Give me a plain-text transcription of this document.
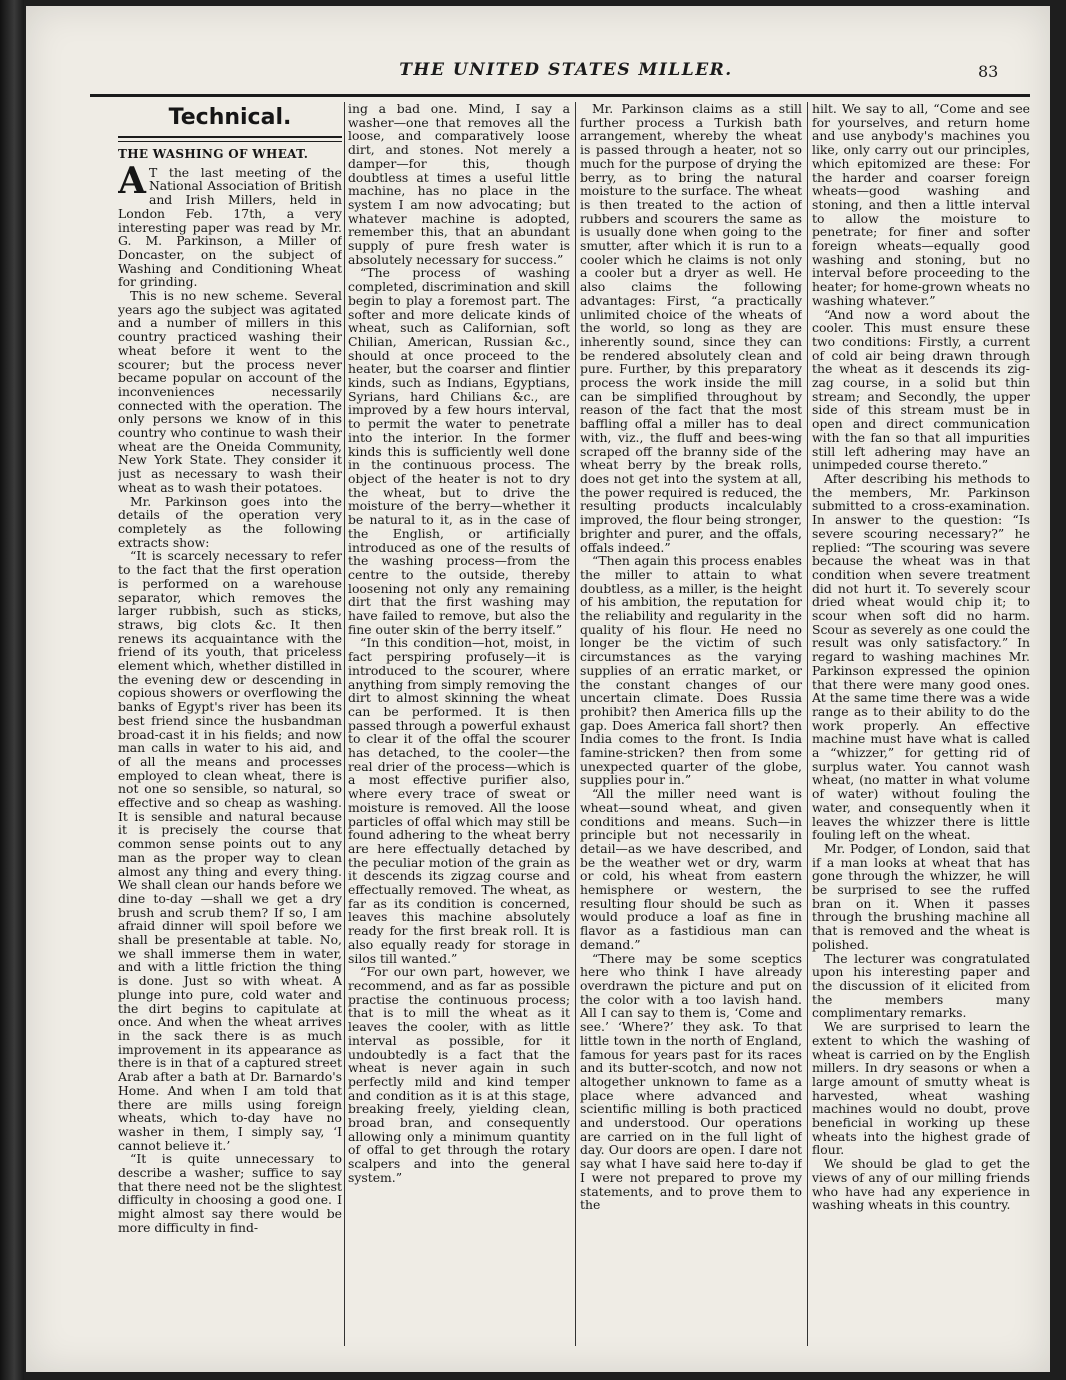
THE UNITED STATES MILLER.	83
Technical.
THE WASHING OF WHEAT.

A T the last meeting of the National Association of British and Irish Millers, held in London Feb. 17th, a very interesting paper was read by Mr. G. M. Parkinson, a Miller of Doncaster, on the subject of Washing and Conditioning Wheat for grinding.

This is no new scheme. Several years ago the subject was agitated and a number of millers in this country practiced washing their wheat before it went to the scourer; but the process never became popular on account of the inconveniences necessarily connected with the operation. The only persons we know of in this country who continue to wash their wheat are the Oneida Community, New York State. They consider it just as necessary to wash their wheat as to wash their potatoes.

Mr. Parkinson goes into the details of the operation very completely as the following extracts show:

“It is scarcely necessary to refer to the fact that the first operation is performed on a warehouse separator, which removes the larger rubbish, such as sticks, straws, big clots &c. It then renews its acquaintance with the friend of its youth, that priceless element which, whether distilled in the evening dew or descending in copious showers or overflowing the banks of Egypt's river has been its best friend since the husbandman broad-cast it in his fields; and now man calls in water to his aid, and of all the means and processes employed to clean wheat, there is not one so sensible, so natural, so effective and so cheap as washing. It is sensible and natural because it is precisely the course that common sense points out to any man as the proper way to clean almost any thing and every thing. We shall clean our hands before we dine to-day —shall we get a dry brush and scrub them? If so, I am afraid dinner will spoil before we shall be presentable at table. No, we shall immerse them in water, and with a little friction the thing is done. Just so with wheat. A plunge into pure, cold water and the dirt begins to capitulate at once. And when the wheat arrives in the sack there is as much improvement in its appearance as there is in that of a captured street Arab after a bath at Dr. Barnardo's Home. And when I am told that there are mills using foreign wheats, which to-day have no washer in them, I simply say, ‘I cannot believe it.’

“It is quite unnecessary to describe a washer; suffice to say that there need not be the slightest difficulty in choosing a good one. I might almost say there would be more difficulty in find-

ing a bad one. Mind, I say a washer—one that removes all the loose, and comparatively loose dirt, and stones. Not merely a damper—for this, though doubtless at times a useful little machine, has no place in the system I am now advocating; but whatever machine is adopted, remember this, that an abundant supply of pure fresh water is absolutely necessary for success.”

“The process of washing completed, discrimination and skill begin to play a foremost part. The softer and more delicate kinds of wheat, such as Californian, soft Chilian, American, Russian &c., should at once proceed to the heater, but the coarser and flintier kinds, such as Indians, Egyptians, Syrians, hard Chilians &c., are improved by a few hours interval, to permit the water to penetrate into the interior. In the former kinds this is sufficiently well done in the continuous process. The object of the heater is not to dry the wheat, but to drive the moisture of the berry—whether it be natural to it, as in the case of the English, or artificially introduced as one of the results of the washing process—from the centre to the outside, thereby loosening not only any remaining dirt that the first washing may have failed to remove, but also the fine outer skin of the berry itself.”

“In this condition—hot, moist, in fact perspiring profusely—it is introduced to the scourer, where anything from simply removing the dirt to almost skinning the wheat can be performed. It is then passed through a powerful exhaust to clear it of the offal the scourer has detached, to the cooler—the real drier of the process—which is a most effective purifier also, where every trace of sweat or moisture is removed. All the loose particles of offal which may still be found adhering to the wheat berry are here effectually detached by the peculiar motion of the grain as it descends its zigzag course and effectually removed. The wheat, as far as its condition is concerned, leaves this machine absolutely ready for the first break roll. It is also equally ready for storage in silos till wanted.”

“For our own part, however, we recommend, and as far as possible practise the continuous process; that is to mill the wheat as it leaves the cooler, with as little interval as possible, for it undoubtedly is a fact that the wheat is never again in such perfectly mild and kind temper and condition as it is at this stage, breaking freely, yielding clean, broad bran, and consequently allowing only a minimum quantity of offal to get through the rotary scalpers and into the general system.”

Mr. Parkinson claims as a still further process a Turkish bath arrangement, whereby the wheat is passed through a heater, not so much for the purpose of drying the berry, as to bring the natural moisture to the surface. The wheat is then treated to the action of rubbers and scourers the same as is usually done when going to the smutter, after which it is run to a cooler which he claims is not only a cooler but a dryer as well. He also claims the following advantages: First, “a practically unlimited choice of the wheats of the world, so long as they are inherently sound, since they can be rendered absolutely clean and pure. Further, by this preparatory process the work inside the mill can be simplified throughout by reason of the fact that the most baffling offal a miller has to deal with, viz., the fluff and bees-wing scraped off the branny side of the wheat berry by the break rolls, does not get into the system at all, the power required is reduced, the resulting products incalculably improved, the flour being stronger, brighter and purer, and the offals, offals indeed.”

“Then again this process enables the miller to attain to what doubtless, as a miller, is the height of his ambition, the reputation for the reliability and regularity in the quality of his flour. He need no longer be the victim of such circumstances as the varying supplies of an erratic market, or the constant changes of our uncertain climate. Does Russia prohibit? then America fills up the gap. Does America fall short? then India comes to the front. Is India famine-stricken? then from some unexpected quarter of the globe, supplies pour in.”

“All the miller need want is wheat—sound wheat, and given conditions and means. Such—in principle but not necessarily in detail—as we have described, and be the weather wet or dry, warm or cold, his wheat from eastern hemisphere or western, the resulting flour should be such as would produce a loaf as fine in flavor as a fastidious man can demand.”

“There may be some sceptics here who think I have already overdrawn the picture and put on the color with a too lavish hand. All I can say to them is, ‘Come and see.’ ‘Where?’ they ask. To that little town in the north of England, famous for years past for its races and its butter-scotch, and now not altogether unknown to fame as a place where advanced and scientific milling is both practiced and understood. Our operations are carried on in the full light of day. Our doors are open. I dare not say what I have said here to-day if I were not prepared to prove my statements, and to prove them to the

hilt. We say to all, “Come and see for yourselves, and return home and use anybody's machines you like, only carry out our principles, which epitomized are these: For the harder and coarser foreign wheats—good washing and stoning, and then a little interval to allow the moisture to penetrate; for finer and softer foreign wheats—equally good washing and stoning, but no interval before proceeding to the heater; for home-grown wheats no washing whatever.”

“And now a word about the cooler. This must ensure these two conditions: Firstly, a current of cold air being drawn through the wheat as it descends its zig-zag course, in a solid but thin stream; and Secondly, the upper side of this stream must be in open and direct communication with the fan so that all impurities still left adhering may have an unimpeded course thereto.”

After describing his methods to the members, Mr. Parkinson submitted to a cross-examination. In answer to the question: “Is severe scouring necessary?” he replied: “The scouring was severe because the wheat was in that condition when severe treatment did not hurt it. To severely scour dried wheat would chip it; to scour when soft did no harm. Scour as severely as one could the result was only satisfactory.” In regard to washing machines Mr. Parkinson expressed the opinion that there were many good ones. At the same time there was a wide range as to their ability to do the work properly. An effective machine must have what is called a “whizzer,” for getting rid of surplus water. You cannot wash wheat, (no matter in what volume of water) without fouling the water, and consequently when it leaves the whizzer there is little fouling left on the wheat.

Mr. Podger, of London, said that if a man looks at wheat that has gone through the whizzer, he will be surprised to see the ruffed bran on it. When it passes through the brushing machine all that is removed and the wheat is polished.

The lecturer was congratulated upon his interesting paper and the discussion of it elicited from the members many complimentary remarks.

We are surprised to learn the extent to which the washing of wheat is carried on by the English millers. In dry seasons or when a large amount of smutty wheat is harvested, wheat washing machines would no doubt, prove beneficial in working up these wheats into the highest grade of flour.

We should be glad to get the views of any of our milling friends who have had any experience in washing wheats in this country.
